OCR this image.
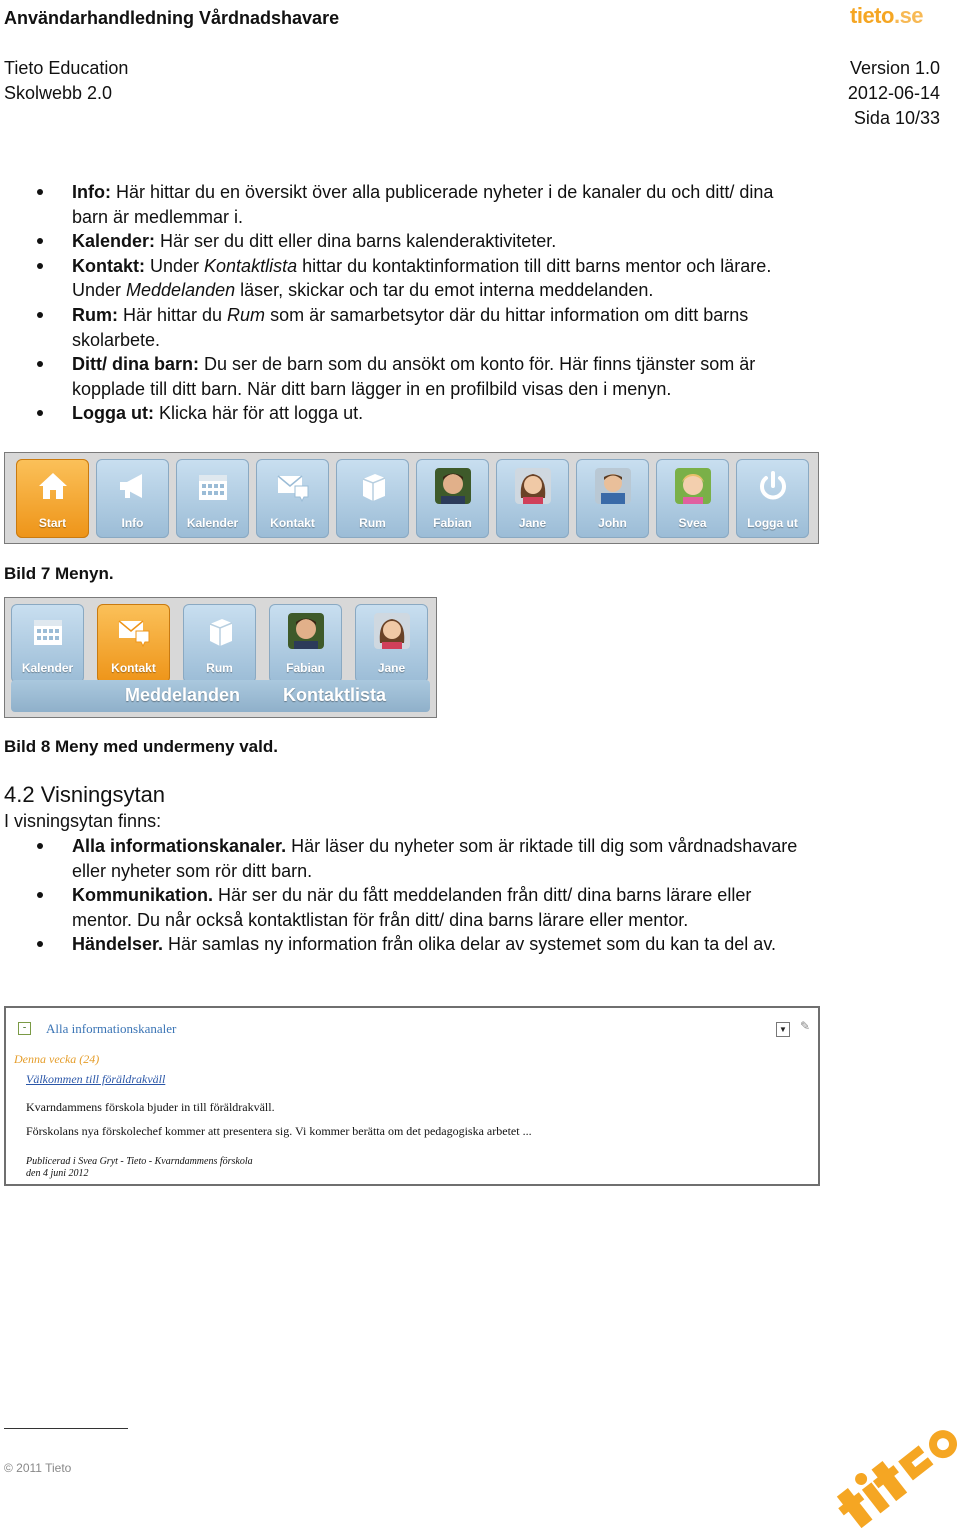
Användarhandledning Vårdnadshavare	tieto.se
Tieto Education
Skolwebb 2.0
Version 1.0
2012-06-14
Sida 10/33
Info: Här hittar du en översikt över alla publicerade nyheter i de kanaler du och ditt/ dina barn är medlemmar i.
Kalender: Här ser du ditt eller dina barns kalenderaktiviteter.
Kontakt: Under Kontaktlista hittar du kontaktinformation till ditt barns mentor och lärare. Under Meddelanden läser, skickar och tar du emot interna meddelanden.
Rum: Här hittar du Rum som är samarbetsytor där du hittar information om ditt barns skolarbete.
Ditt/ dina barn: Du ser de barn som du ansökt om konto för. Här finns tjänster som är kopplade till ditt barn. När ditt barn lägger in en profilbild visas den i menyn.
Logga ut: Klicka här för att logga ut.
Start	Info	Kalender	Kontakt	Rum	Fabian	Jane	John	Svea	Logga ut
Bild 7 Menyn.
Kalender	Kontakt	Rum	Fabian	Jane
Meddelanden Kontaktlista
Bild 8 Meny med undermeny vald.
4.2 Visningsytan
I visningsytan finns:
Alla informationskanaler. Här läser du nyheter som är riktade till dig som vårdnadshavare eller nyheter som rör ditt barn.
Kommunikation. Här ser du när du fått meddelanden från ditt/ dina barns lärare eller mentor. Du når också kontaktlistan för från ditt/ dina barns lärare eller mentor.
Händelser. Här samlas ny information från olika delar av systemet som du kan ta del av.
-	Alla informationskanaler	▼ ✎
Denna vecka (24)
Välkommen till föräldrakväll
Kvarndammens förskola bjuder in till föräldrakväll.
Förskolans nya förskolechef kommer att presentera sig. Vi kommer berätta om det pedagogiska arbetet ...
Publicerad i Svea Gryt - Tieto - Kvarndammens förskola
den 4 juni 2012
© 2011 Tieto
